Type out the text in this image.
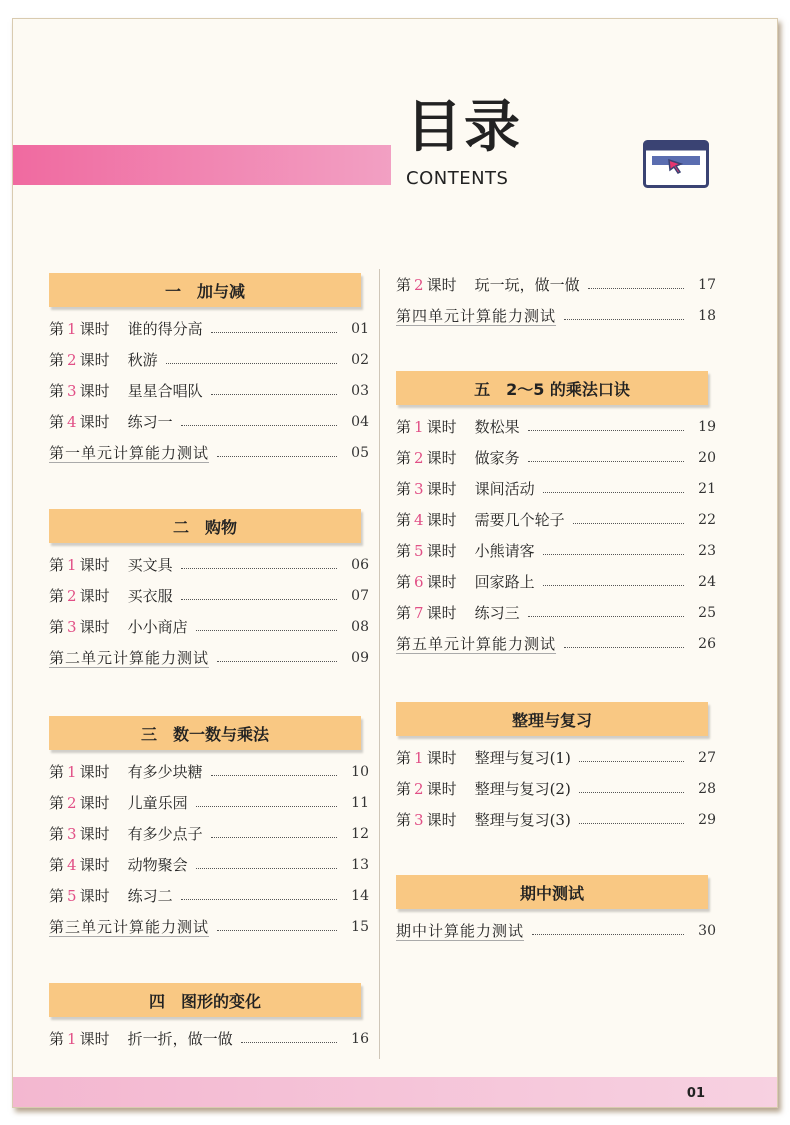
目录
CONTENTS
一　加与减
第 1 课时 谁的得分高	01
第 2 课时 秋游	02
第 3 课时 星星合唱队	03
第 4 课时 练习一	04
第一单元计算能力测试	05
二　购物
第 1 课时 买文具	06
第 2 课时 买衣服	07
第 3 课时 小小商店	08
第二单元计算能力测试	09
三　数一数与乘法
第 1 课时 有多少块糖	10
第 2 课时 儿童乐园	11
第 3 课时 有多少点子	12
第 4 课时 动物聚会	13
第 5 课时 练习二	14
第三单元计算能力测试	15
四　图形的变化
第 1 课时 折一折，做一做	16
第 2 课时 玩一玩，做一做	17
第四单元计算能力测试	18
五　2～5 的乘法口诀
第 1 课时 数松果	19
第 2 课时 做家务	20
第 3 课时 课间活动	21
第 4 课时 需要几个轮子	22
第 5 课时 小熊请客	23
第 6 课时 回家路上	24
第 7 课时 练习三	25
第五单元计算能力测试	26
整理与复习
第 1 课时 整理与复习(1)	27
第 2 课时 整理与复习(2)	28
第 3 课时 整理与复习(3)	29
期中测试
期中计算能力测试	30
01
